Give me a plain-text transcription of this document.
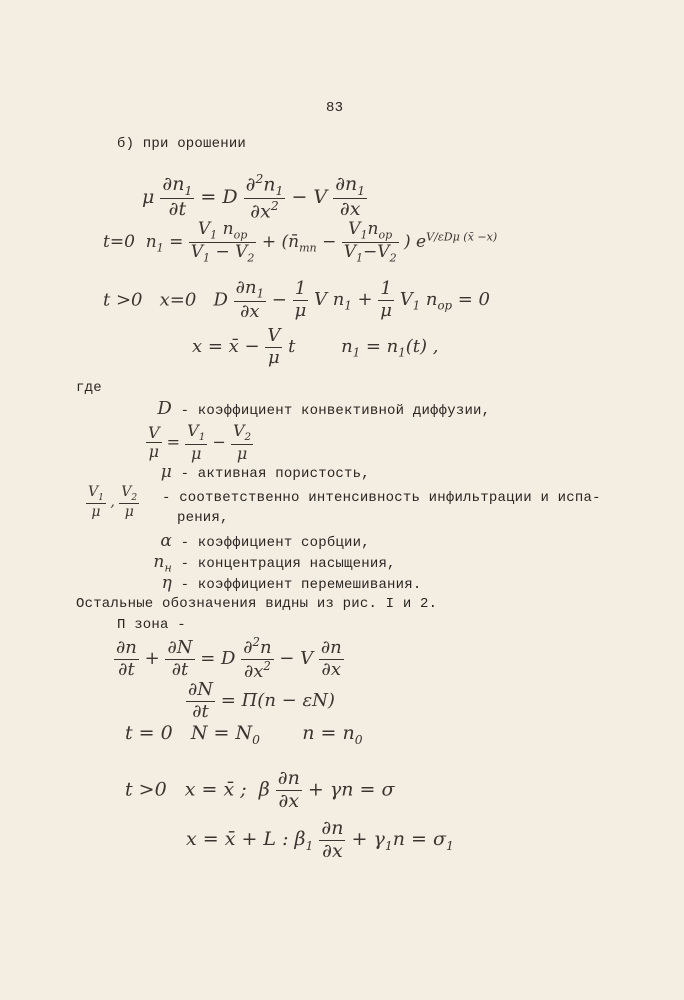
83
б) при орошении
μ $\frac{\partial n_1}{\partial t} = D \frac{\partial^2n_1}{\partial x^2} - V \frac{\partial n_1}{\partial x}$
t=0  $n_1 = \frac{V_1 n_{op}}{V_1 - V_2}$ + ($n̄_{mn} - \frac{V_1n_{op}}{V_1-V_2}$ ) $e^{V/\varepsilon D\mu (x̄ -x)}$
t >0   x=0   D $\frac{\partial n_1}{\partial x} - \frac{1}{\mu}$ V $n_1 + \frac{1}{\mu} V_1$ $n_{op} = 0$
x = x̄ − $\frac{V}{\mu}$ t        $n_1 = n_1(t)$ ,
где
D - коэффициент конвективной диффузии,
$\frac{V}{\mu} = \frac{V_1}{\mu} - \frac{V_2}{\mu}$
μ - активная пористость,
$\frac{V_1}{\mu}$ , $\frac{V_2}{\mu}$ - соответственно интенсивность инфильтрации и испа-
рения,
α - коэффициент сорбции,
$n_н$ - концентрация насыщения,
η - коэффициент перемешивания.
Остальные обозначения видны из рис. I и 2.
П зона -
$\frac{\partial n}{\partial t} + \frac{\partial N}{\partial t} = D \frac{\partial^2n}{\partial x^2} - V \frac{\partial n}{\partial x}$
$\frac{\partial N}{\partial t} = \Pi(n - \varepsilon N)$
t = 0   $N = N_0$       $n = n_0$
t >0   x = x̄ ;  β $\frac{\partial n}{\partial x} + \gamma n = \sigma$
x = x̄ + L : $\beta_1 \frac{\partial n}{\partial x} + \gamma_1n = \sigma_1$
